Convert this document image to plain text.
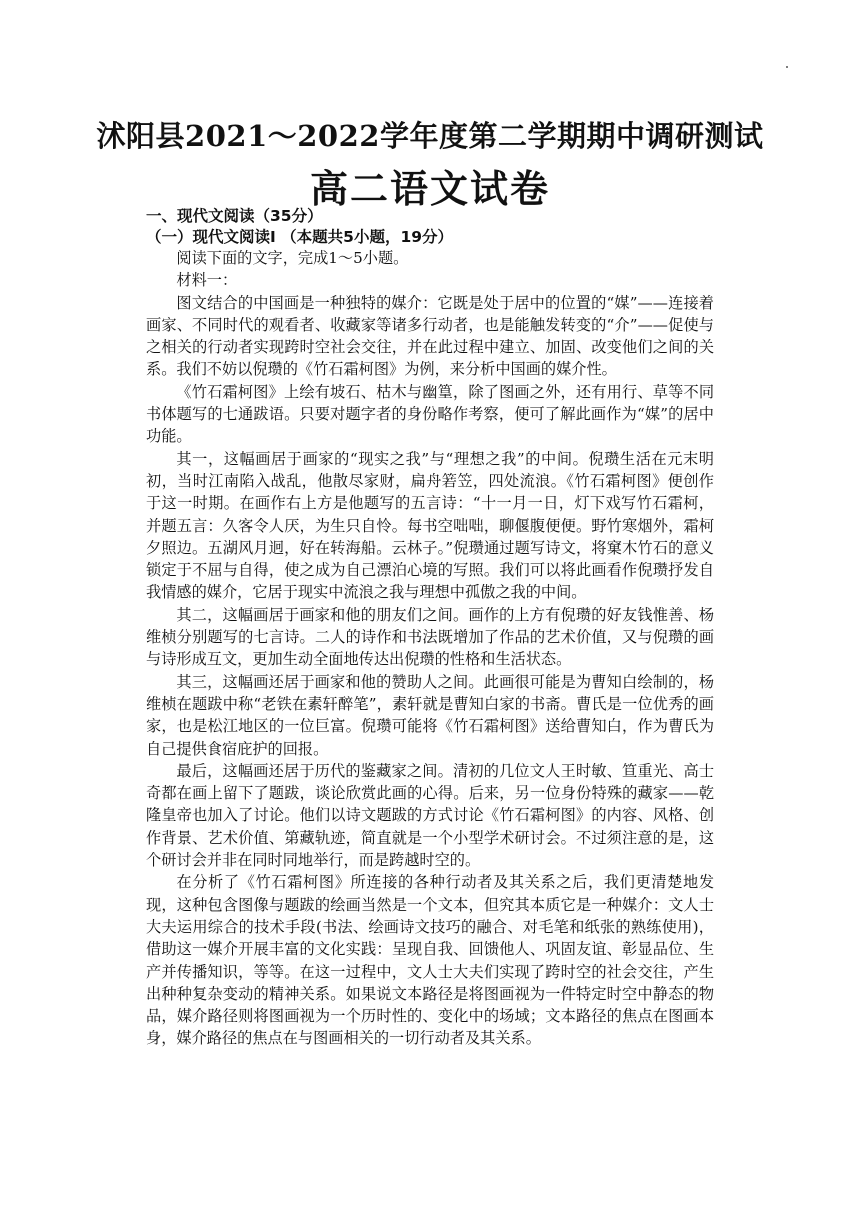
沭阳县2021～2022学年度第二学期期中调研测试
高二语文试卷
一、现代文阅读（35分）
（一）现代文阅读I （本题共5小题，19分）

阅读下面的文字，完成1～5小题。

材料一：

图文结合的中国画是一种独特的媒介：它既是处于居中的位置的“媒”——连接着画家、不同时代的观看者、收藏家等诸多行动者，也是能触发转变的“介”——促使与之相关的行动者实现跨时空社会交往，并在此过程中建立、加固、改变他们之间的关系。我们不妨以倪瓒的《竹石霜柯图》为例，来分析中国画的媒介性。

《竹石霜柯图》上绘有坡石、枯木与幽篁，除了图画之外，还有用行、草等不同书体题写的七通跋语。只要对题字者的身份略作考察，便可了解此画作为“媒”的居中功能。

其一，这幅画居于画家的“现实之我”与“理想之我”的中间。倪瓒生活在元末明初，当时江南陷入战乱，他散尽家财，扁舟箬笠，四处流浪。《竹石霜柯图》便创作于这一时期。在画作右上方是他题写的五言诗：“十一月一日，灯下戏写竹石霜柯，并题五言：久客令人厌，为生只自怜。每书空咄咄，聊偃腹便便。野竹寒烟外，霜柯夕照边。五湖风月迥，好在转海船。云林子。”倪瓒通过题写诗文，将窠木竹石的意义锁定于不屈与自得，使之成为自己漂泊心境的写照。我们可以将此画看作倪瓒抒发自我情感的媒介，它居于现实中流浪之我与理想中孤傲之我的中间。

其二，这幅画居于画家和他的朋友们之间。画作的上方有倪瓒的好友钱惟善、杨维桢分别题写的七言诗。二人的诗作和书法既增加了作品的艺术价值，又与倪瓒的画与诗形成互文，更加生动全面地传达出倪瓒的性格和生活状态。

其三，这幅画还居于画家和他的赞助人之间。此画很可能是为曹知白绘制的，杨维桢在题跋中称“老铁在素轩醉笔”，素轩就是曹知白家的书斋。曹氏是一位优秀的画家，也是松江地区的一位巨富。倪瓒可能将《竹石霜柯图》送给曹知白，作为曹氏为自己提供食宿庇护的回报。

最后，这幅画还居于历代的鉴藏家之间。清初的几位文人王时敏、笪重光、高士奇都在画上留下了题跋，谈论欣赏此画的心得。后来，另一位身份特殊的藏家——乾隆皇帝也加入了讨论。他们以诗文题跋的方式讨论《竹石霜柯图》的内容、风格、创作背景、艺术价值、第藏轨迹，简直就是一个小型学术研讨会。不过须注意的是，这个研讨会并非在同时同地举行，而是跨越时空的。

在分析了《竹石霜柯图》所连接的各种行动者及其关系之后，我们更清楚地发现，这种包含图像与题跋的绘画当然是一个文本，但究其本质它是一种媒介：文人士大夫运用综合的技术手段(书法、绘画诗文技巧的融合、对毛笔和纸张的熟练使用)，借助这一媒介开展丰富的文化实践：呈现自我、回馈他人、巩固友谊、彰显品位、生产并传播知识，等等。在这一过程中，文人士大夫们实现了跨时空的社会交往，产生出种种复杂变动的精神关系。如果说文本路径是将图画视为一件特定时空中静态的物品，媒介路径则将图画视为一个历时性的、变化中的场域；文本路径的焦点在图画本身，媒介路径的焦点在与图画相关的一切行动者及其关系。
